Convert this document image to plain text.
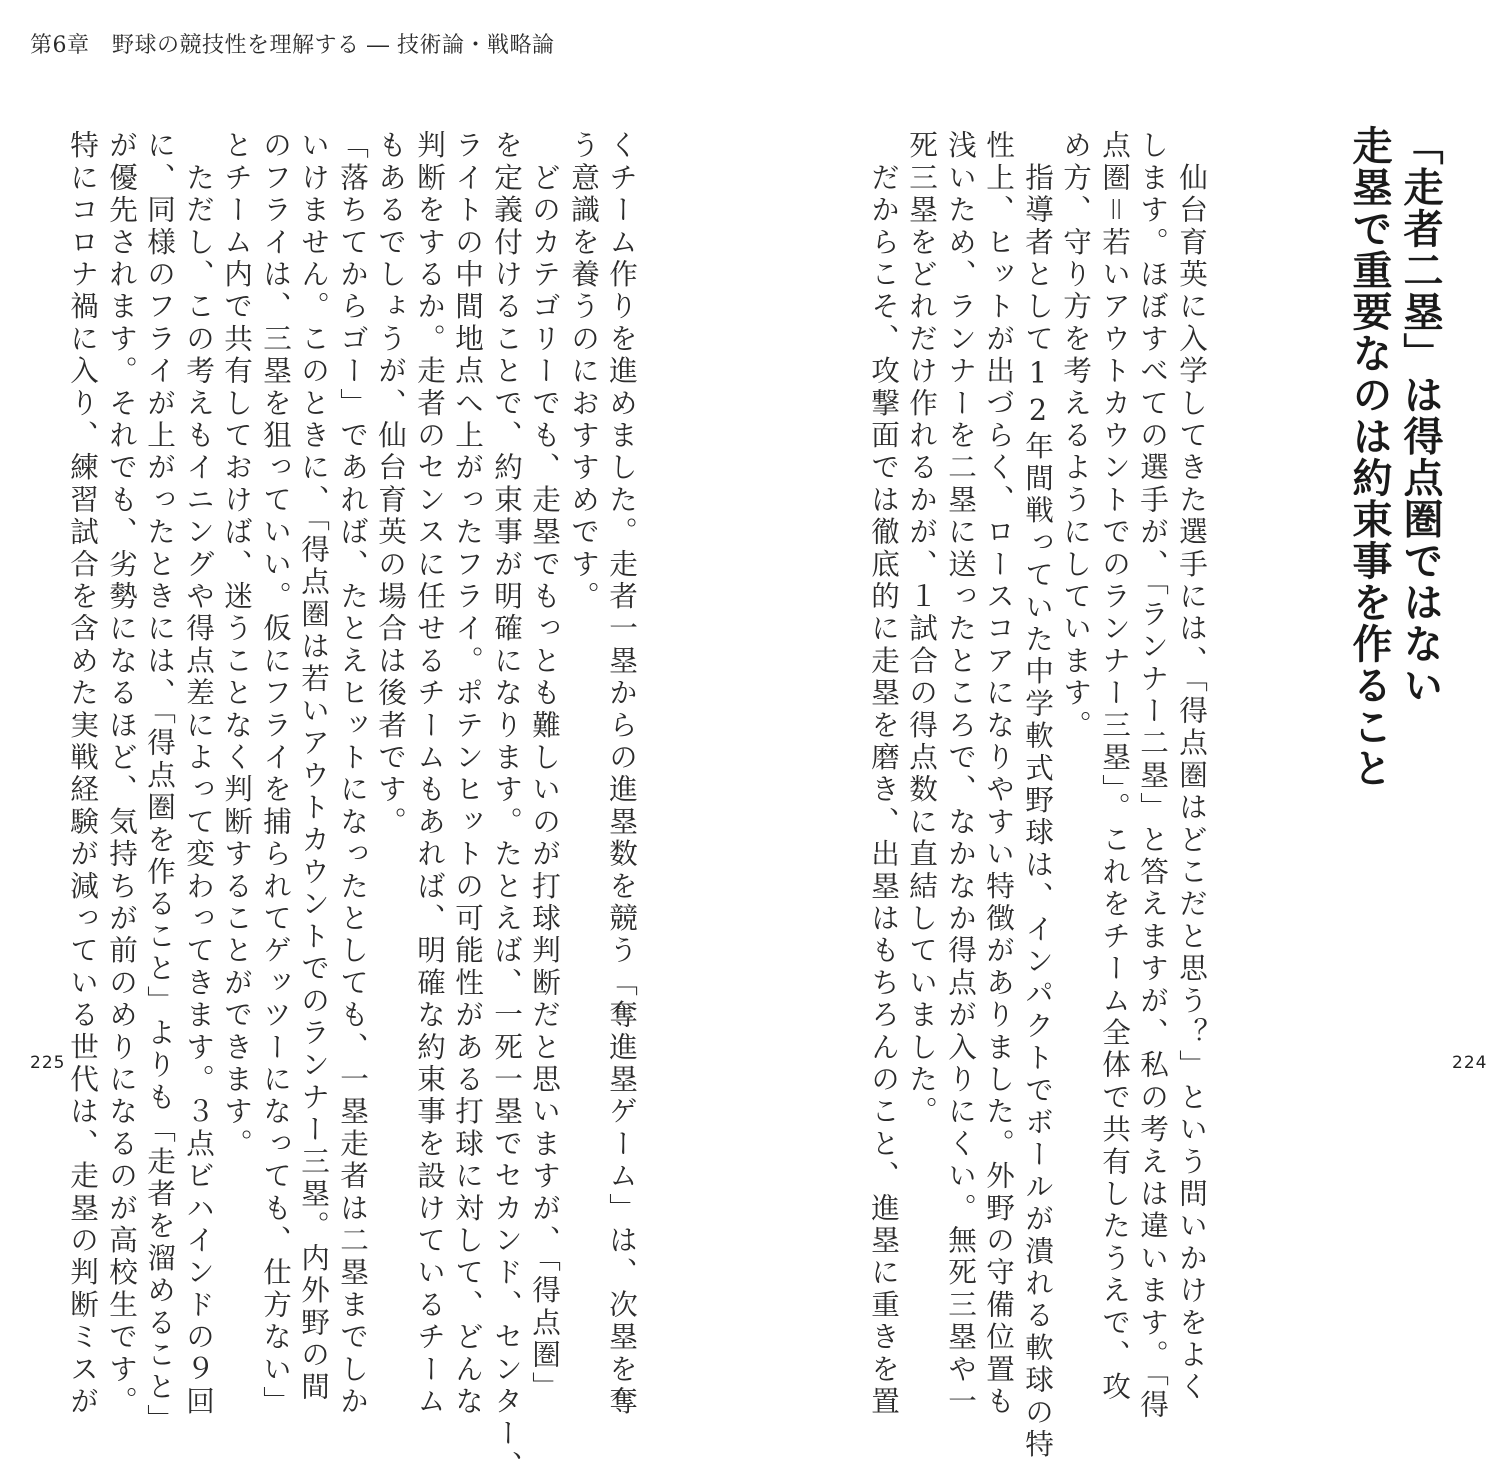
第6章　野球の競技性を理解する ― 技術論・戦略論
「走者二塁」は得点圏ではない
走塁で重要なのは約束事を作ること
　仙台育英に入学してきた選手には、「得点圏はどこだと思う？」という問いかけをよく
します。ほぼすべての選手が、「ランナー二塁」と答えますが、私の考えは違います。「得
点圏＝若いアウトカウントでのランナー三塁」。これをチーム全体で共有したうえで、攻
め方、守り方を考えるようにしています。
　指導者として12年間戦っていた中学軟式野球は、インパクトでボールが潰れる軟球の特
性上、ヒットが出づらく、ロースコアになりやすい特徴がありました。外野の守備位置も
浅いため、ランナーを二塁に送ったところで、なかなか得点が入りにくい。無死三塁や一
死三塁をどれだけ作れるかが、１試合の得点数に直結していました。
　だからこそ、攻撃面では徹底的に走塁を磨き、出塁はもちろんのこと、進塁に重きを置
くチーム作りを進めました。走者一塁からの進塁数を競う「奪進塁ゲーム」は、次塁を奪
う意識を養うのにおすすめです。
　どのカテゴリーでも、走塁でもっとも難しいのが打球判断だと思いますが、「得点圏」
を定義付けることで、約束事が明確になります。たとえば、一死一塁でセカンド、センター、
ライトの中間地点へ上がったフライ。ポテンヒットの可能性がある打球に対して、どんな
判断をするか。走者のセンスに任せるチームもあれば、明確な約束事を設けているチーム
もあるでしょうが、仙台育英の場合は後者です。
「落ちてからゴー」であれば、たとえヒットになったとしても、一塁走者は二塁までしか
いけません。このときに、「得点圏は若いアウトカウントでのランナー三塁。内外野の間
のフライは、三塁を狙っていい。仮にフライを捕られてゲッツーになっても、仕方ない」
とチーム内で共有しておけば、迷うことなく判断することができます。
　ただし、この考えもイニングや得点差によって変わってきます。３点ビハインドの９回
に、同様のフライが上がったときには、「得点圏を作ること」よりも「走者を溜めること」
が優先されます。それでも、劣勢になるほど、気持ちが前のめりになるのが高校生です。
特にコロナ禍に入り、練習試合を含めた実戦経験が減っている世代は、走塁の判断ミスが
225	224
